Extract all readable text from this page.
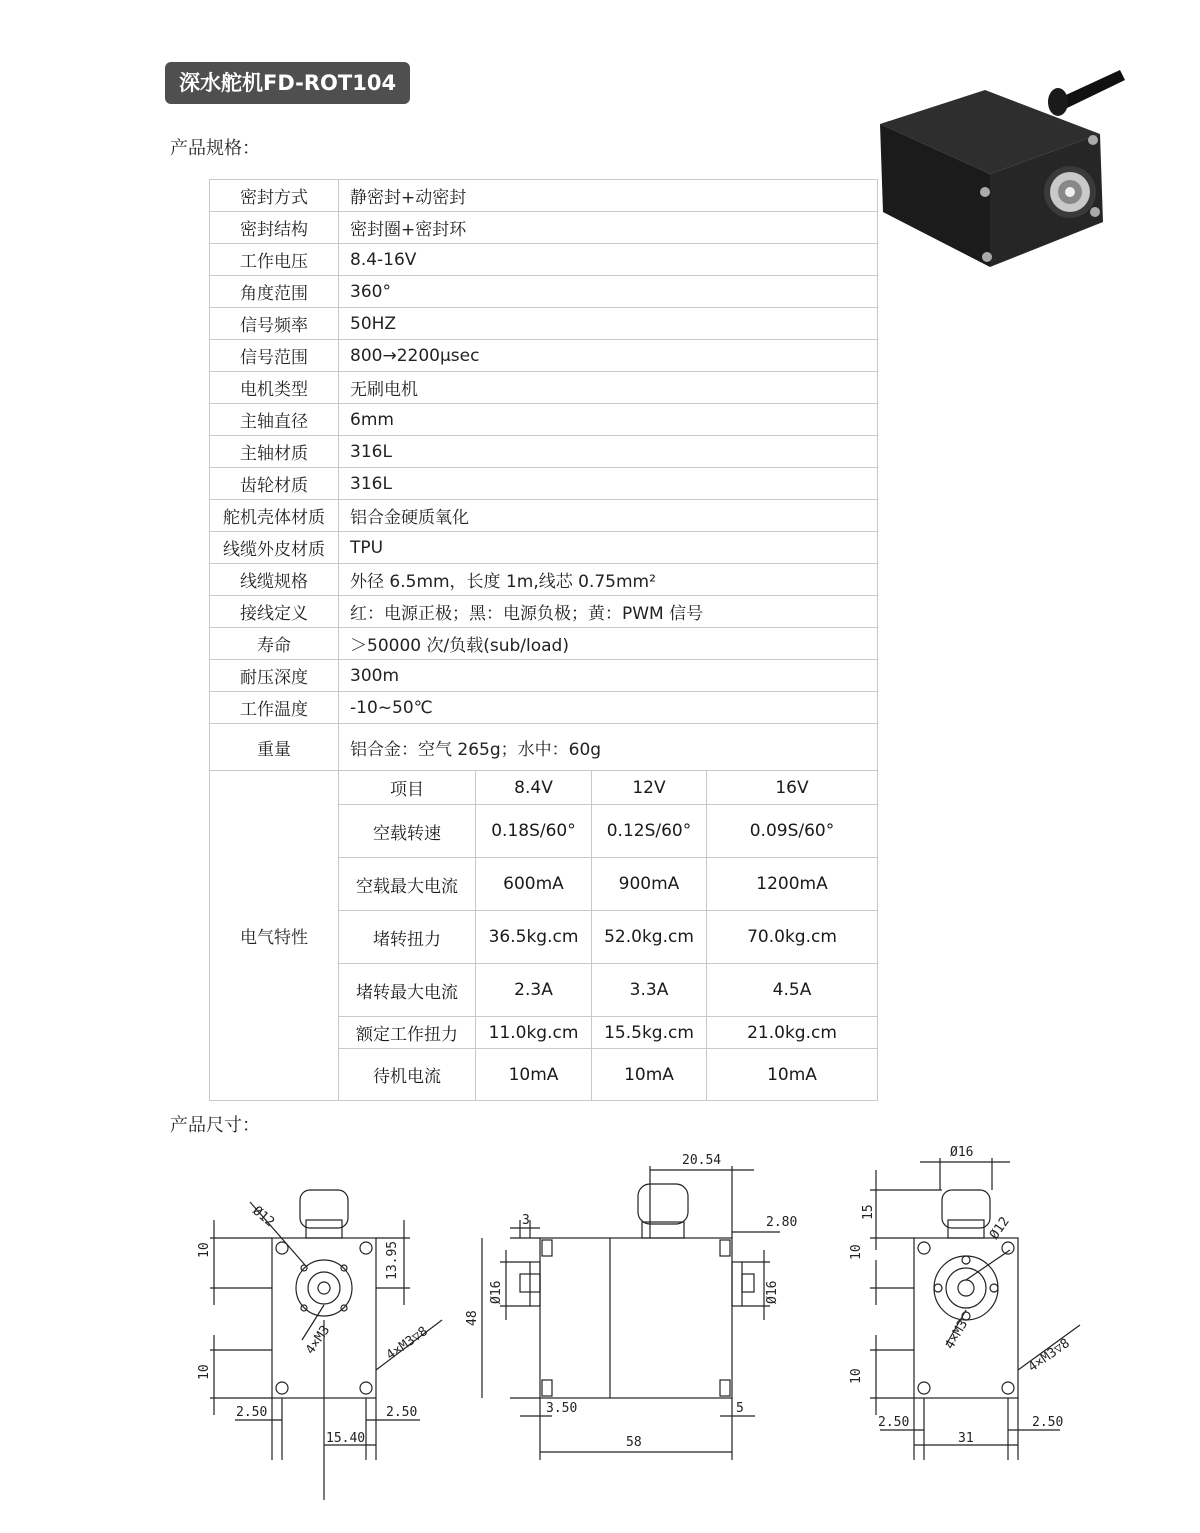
深水舵机FD-ROT104
产品规格：
密封方式	静密封+动密封			
密封结构	密封圈+密封环			
工作电压	8.4-16V			
角度范围	360°			
信号频率	50HZ			
信号范围	800→2200μsec			
电机类型	无刷电机			
主轴直径	6mm			
主轴材质	316L			
齿轮材质	316L			
舵机壳体材质	铝合金硬质氧化			
线缆外皮材质	TPU			
线缆规格	外径 6.5mm，长度 1m,线芯 0.75mm²			
接线定义	红：电源正极；黑：电源负极；黄：PWM 信号			
寿命	＞50000 次/负载(sub/load)			
耐压深度	300m			
工作温度	-10~50℃			
重量	铝合金：空气 265g；水中：60g			
电气特性	项目	8.4V	12V	16V
	空载转速	0.18S/60°	0.12S/60°	0.09S/60°
	空载最大电流	600mA	900mA	1200mA
	堵转扭力	36.5kg.cm	52.0kg.cm	70.0kg.cm
	堵转最大电流	2.3A	3.3A	4.5A
	额定工作扭力	11.0kg.cm	15.5kg.cm	21.0kg.cm
	待机电流	10mA	10mA	10mA
产品尺寸：
Ø12
10
10
13.95
4×M3	4×M3▽8
2.50	2.50
15.40
20.54
3	2.80
Ø16	Ø16
48
3.50	5
58
Ø16
15
Ø12
10
10
4×M3
4×M3▽8
2.50	2.50
31
